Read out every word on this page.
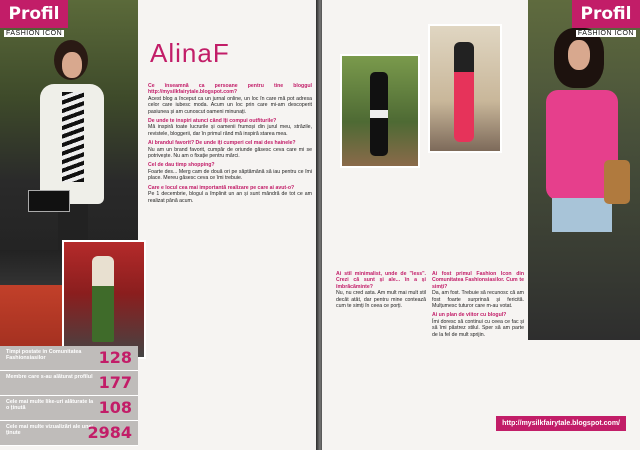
Profil
FASHION ICON
AlinaF
Ce înseamnă ca persoane pentru tine bloggul http://mysilkfairytale.blogspot.com?
Acest blog a început ca un jurnal online, un loc în care mă pot adresa celor care iubesc moda. Acum un loc prin care mi-am descoperit pasiunea și am cunoscut oameni minunați.
De unde te inspiri atunci când îți compui outfiturile?
Mă inspiră toate lucrurile și oamenii frumoși din jurul meu, străzile, revistele, bloggerii, dar în primul rând mă inspiră starea mea.
Ai brandul favorit? De unde iți cumperi cel mai des hainele?
Nu am un brand favorit, cumpăr de oriunde găsesc ceva care mi se potrivește. Nu am o fixație pentru mărci.
Cel de dau timp shopping?
Foarte des... Merg cam de două ori pe săptămână să iau pentru ce îmi place. Mereu găsesc ceva ce îmi trebuie.
Care e locul cea mai importantă realizare pe care ai avut-o?
Pe 1 decembrie, blogul a împlinit un an și sunt mândră de tot ce am realizat până acum.
Timpi postate in Comunitatea Fashionsiasilor	128
Membre care s-au alăturat profilul 177
Cele mai multe like-uri alăturate la o ținută	108
Cele mai multe vizualizări ale unei ținute	2984
Profil
FASHION ICON
Ai stil minimalist, unde de "less". Crezi că sunt și ale... în a și îmbrăcăminte?
Nu, nu cred asta. Am mult mai mult stil decât atât, dar pentru mine contează cum te simți în ceea ce porți.
Ai fost primul Fashion Icon din Comunitatea Fashionsiasilor. Cum te simți?
Da, am fost. Trebuie să recunosc că am fost foarte surprinsă și fericită. Mulțumesc tuturor care m-au votat.
Ai un plan de viitor cu blogul?
Îmi doresc să continui cu ceea ce fac și să îmi păstrez stilul. Sper să am parte de la fel de mult sprijin.
http://mysilkfairytale.blogspot.com/
